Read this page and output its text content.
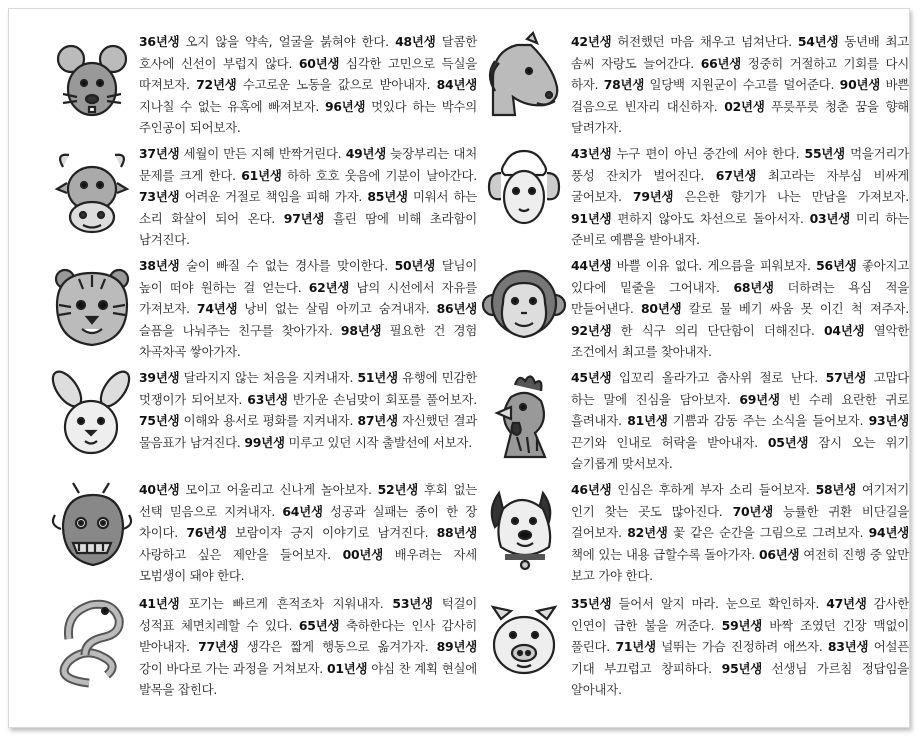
36년생 오지 않을 약속, 얼굴을 붉혀야 한다. 48년생 달콤한 호사에 신선이 부럽지 않다. 60년생 심각한 고민으로 득실을 따져보자. 72년생 수고로운 노동을 값으로 받아내자. 84년생 지나칠 수 없는 유혹에 빠져보자. 96년생 멋있다 하는 박수의 주인공이 되어보자.
37년생 세월이 만든 지혜 반짝거린다. 49년생 늦장부리는 대처 문제를 크게 한다. 61년생 하하 호호 웃음에 기분이 날아간다. 73년생 어려운 거절로 책임을 피해 가자. 85년생 미워서 하는 소리 화살이 되어 온다. 97년생 흘린 땀에 비해 초라함이 남겨진다.
38년생 술이 빠질 수 없는 경사를 맞이한다. 50년생 달님이 높이 떠야 원하는 걸 얻는다. 62년생 남의 시선에서 자유를 가져보자. 74년생 낭비 없는 살림 아끼고 숨겨내자. 86년생 슬픔을 나눠주는 친구를 찾아가자. 98년생 필요한 건 경험 차곡차곡 쌓아가자.
39년생 달라지지 않는 처음을 지켜내자. 51년생 유행에 민감한 멋쟁이가 되어보자. 63년생 반가운 손님맞이 회포를 풀어보자. 75년생 이해와 용서로 평화를 지켜내자. 87년생 자신했던 결과 물음표가 남겨진다. 99년생 미루고 있던 시작 출발선에 서보자.
40년생 모이고 어울리고 신나게 놀아보자. 52년생 후회 없는 선택 믿음으로 지켜내자. 64년생 성공과 실패는 종이 한 장 차이다. 76년생 보람이자 긍지 이야기로 남겨진다. 88년생 사랑하고 싶은 제안을 들어보자. 00년생 배우려는 자세 모범생이 돼야 한다.
41년생 포기는 빠르게 흔적조차 지워내자. 53년생 턱걸이 성적표 체면치레할 수 있다. 65년생 축하한다는 인사 감사히 받아내자. 77년생 생각은 짧게 행동으로 옮겨가자. 89년생 강이 바다로 가는 과정을 거쳐보자. 01년생 야심 찬 계획 현실에 발목을 잡힌다.
42년생 허전했던 마음 채우고 넘쳐난다. 54년생 동년배 최고 솜씨 자랑도 늘어간다. 66년생 정중히 거절하고 기회를 다시 하자. 78년생 일당백 지원군이 수고를 덜어준다. 90년생 바쁜 걸음으로 빈자리 대신하자. 02년생 푸릇푸릇 청춘 꿈을 향해 달려가자.
43년생 누구 편이 아닌 중간에 서야 한다. 55년생 먹을거리가 풍성 잔치가 벌어진다. 67년생 최고라는 자부심 비싸게 굴어보자. 79년생 은은한 향기가 나는 만남을 가져보자. 91년생 편하지 않아도 차선으로 돌아서자. 03년생 미리 하는 준비로 예쁨을 받아내자.
44년생 바쁠 이유 없다. 게으름을 피워보자. 56년생 좋아지고 있다에 밑줄을 그어내자. 68년생 더하려는 욕심 적을 만들어낸다. 80년생 칼로 물 베기 싸움 못 이긴 척 져주자. 92년생 한 식구 의리 단단함이 더해진다. 04년생 열악한 조건에서 최고를 찾아내자.
45년생 입꼬리 올라가고 춤사위 절로 난다. 57년생 고맙다 하는 말에 진심을 담아보자. 69년생 빈 수레 요란한 귀로 흘려내자. 81년생 기쁨과 감동 주는 소식을 들어보자. 93년생 끈기와 인내로 허락을 받아내자. 05년생 잠시 오는 위기 슬기롭게 맞서보자.
46년생 인심은 후하게 부자 소리 들어보자. 58년생 여기저기 인기 찾는 곳도 많아진다. 70년생 능률한 귀환 비단길을 걸어보자. 82년생 꽃 같은 순간을 그림으로 그려보자. 94년생 책에 있는 내용 급할수록 돌아가자. 06년생 여전히 진행 중 앞만 보고 가야 한다.
35년생 들어서 알지 마라. 눈으로 확인하자. 47년생 감사한 인연이 급한 불을 꺼준다. 59년생 바짝 조였던 긴장 맥없이 풀린다. 71년생 널뛰는 가슴 진정하려 애쓰자. 83년생 어설픈 기대 부끄럽고 창피하다. 95년생 선생님 가르침 정답임을 알아내자.
